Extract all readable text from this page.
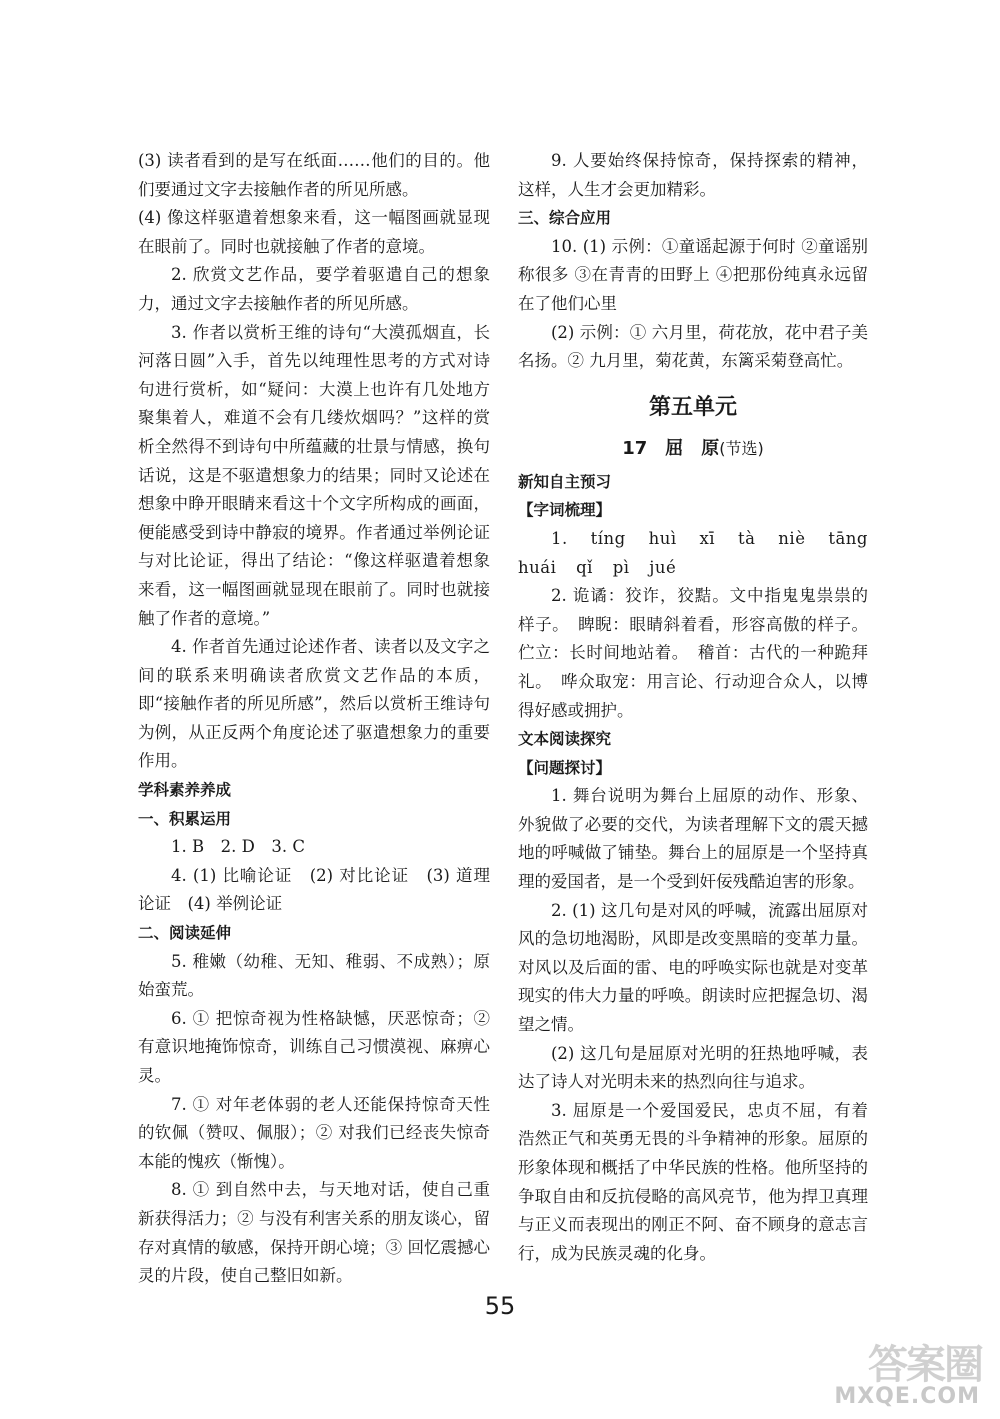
(3) 读者看到的是写在纸面……他们的目的。他们要通过文字去接触作者的所见所感。

(4) 像这样驱遣着想象来看，这一幅图画就显现在眼前了。同时也就接触了作者的意境。

2. 欣赏文艺作品，要学着驱遣自己的想象力，通过文字去接触作者的所见所感。

3. 作者以赏析王维的诗句“大漠孤烟直，长河落日圆”入手，首先以纯理性思考的方式对诗句进行赏析，如“疑问：大漠上也许有几处地方聚集着人，难道不会有几缕炊烟吗？”这样的赏析全然得不到诗句中所蕴藏的壮景与情感，换句话说，这是不驱遣想象力的结果；同时又论述在想象中睁开眼睛来看这十个文字所构成的画面，便能感受到诗中静寂的境界。作者通过举例论证与对比论证，得出了结论：“像这样驱遣着想象来看，这一幅图画就显现在眼前了。同时也就接触了作者的意境。”

4. 作者首先通过论述作者、读者以及文字之间的联系来明确读者欣赏文艺作品的本质，即“接触作者的所见所感”，然后以赏析王维诗句为例，从正反两个角度论述了驱遣想象力的重要作用。

学科素养养成

一、积累运用

1. B　2. D　3. C

4. (1) 比喻论证　(2) 对比论证　(3) 道理论证　(4) 举例论证

二、阅读延伸

5. 稚嫩（幼稚、无知、稚弱、不成熟）；原始蛮荒。

6. ① 把惊奇视为性格缺憾，厌恶惊奇；② 有意识地掩饰惊奇，训练自己习惯漠视、麻痹心灵。

7. ① 对年老体弱的老人还能保持惊奇天性的钦佩（赞叹、佩服）；② 对我们已经丧失惊奇本能的愧疚（惭愧）。

8. ① 到自然中去，与天地对话，使自己重新获得活力；② 与没有利害关系的朋友谈心，留存对真情的敏感，保持开朗心境；③ 回忆震撼心灵的片段，使自己整旧如新。

9. 人要始终保持惊奇，保持探索的精神，这样，人生才会更加精彩。

三、综合应用

10. (1) 示例：①童谣起源于何时 ②童谣别称很多 ③在青青的田野上 ④把那份纯真永远留在了他们心里

(2) 示例：① 六月里，荷花放，花中君子美名扬。② 九月里，菊花黄，东篱采菊登高忙。

第五单元
17　屈　原(节选)

新知自主预习

【字词梳理】

1. tíng huì xī tà niè tāng huái qǐ pì jué

2. 诡谲：狡诈，狡黠。文中指鬼鬼祟祟的样子。　睥睨：眼睛斜着看，形容高傲的样子。伫立：长时间地站着。　稽首：古代的一种跪拜礼。　哗众取宠：用言论、行动迎合众人，以博得好感或拥护。

文本阅读探究

【问题探讨】

1. 舞台说明为舞台上屈原的动作、形象、外貌做了必要的交代，为读者理解下文的震天撼地的呼喊做了铺垫。舞台上的屈原是一个坚持真理的爱国者，是一个受到奸佞残酷迫害的形象。

2. (1) 这几句是对风的呼喊，流露出屈原对风的急切地渴盼，风即是改变黑暗的变革力量。对风以及后面的雷、电的呼唤实际也就是对变革现实的伟大力量的呼唤。朗读时应把握急切、渴望之情。

(2) 这几句是屈原对光明的狂热地呼喊，表达了诗人对光明未来的热烈向往与追求。

3. 屈原是一个爱国爱民，忠贞不屈，有着浩然正气和英勇无畏的斗争精神的形象。屈原的形象体现和概括了中华民族的性格。他所坚持的争取自由和反抗侵略的高风亮节，他为捍卫真理与正义而表现出的刚正不阿、奋不顾身的意志言行，成为民族灵魂的化身。

55
答案圈
MXQE.COM
